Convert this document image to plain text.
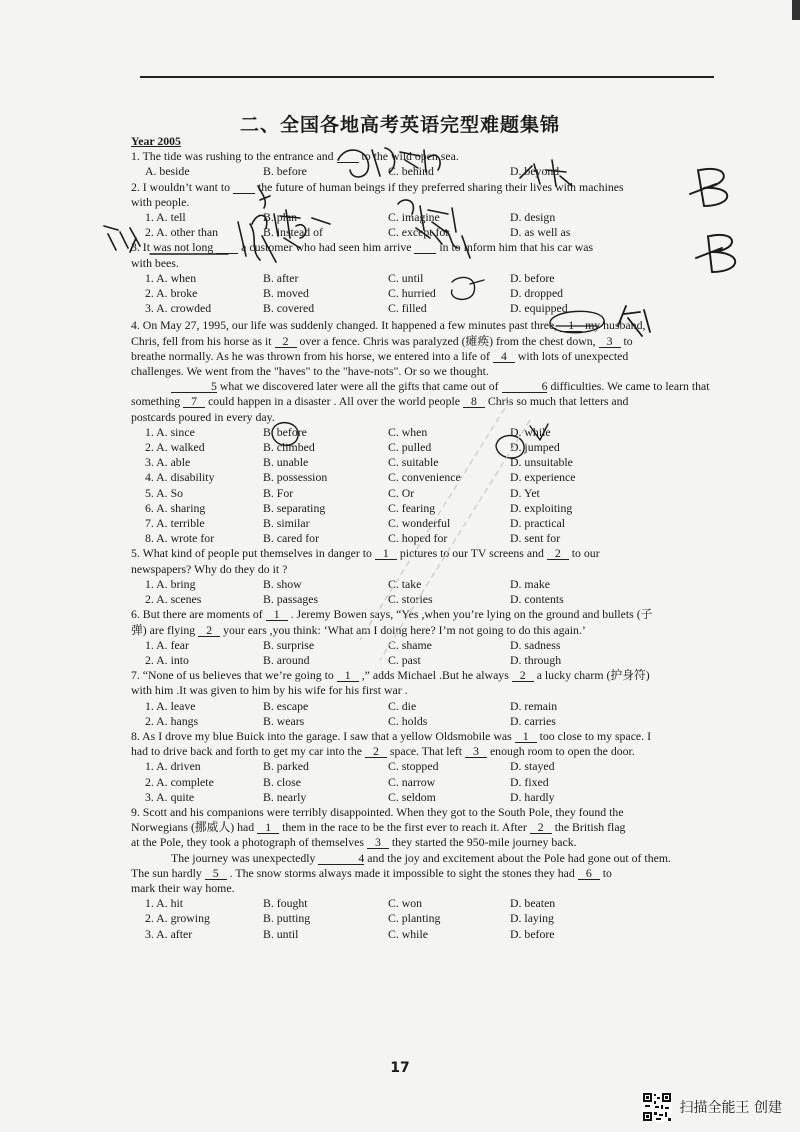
二、全国各地高考英语完型难题集锦
Year 2005
1. The tide was rushing to the entrance and to the wild open sea.
A. beside	B. before	C. behind	D. beyond
2. I wouldn’t want to the future of human beings if they preferred sharing their lives with machines
with people.
1. A. tell	B. plan	C. imagine	D. design
2. A. other than	B. instead of	C. except for	D. as well as
3. It was not long a customer who had seen him arrive in to inform him that his car was
with bees.
1. A. when	B. after	C. until	D. before
2. A. broke	B. moved	C. hurried	D. dropped
3. A. crowded	B. covered	C. filled	D. equipped
4. On May 27, 1995, our life was suddenly changed. It happened a few minutes past three, 1 my husband,
Chris, fell from his horse as it 2 over a fence. Chris was paralyzed (瘫痪) from the chest down, 3 to
breathe normally. As he was thrown from his horse, we entered into a life of 4 with lots of unexpected
challenges. We went from the "haves" to the "have-nots". Or so we thought.
5 what we discovered later were all the gifts that came out of	6 difficulties. We came to learn that
something 7 could happen in a disaster . All over the world people 8 Chris so much that letters and
postcards poured in every day.
1. A. since	B. before	C. when	D. while
2. A. walked	B. climbed	C. pulled	D. jumped
3. A. able	B. unable	C. suitable	D. unsuitable
4. A. disability	B. possession	C. convenience	D. experience
5. A. So	B. For	C. Or	D. Yet
6. A. sharing	B. separating	C. fearing	D. exploiting
7. A. terrible	B. similar	C. wonderful	D. practical
8. A. wrote for	B. cared for	C. hoped for	D. sent for
5. What kind of people put themselves in danger to 1 pictures to our TV screens and 2 to our
newspapers? Why do they do it ?
1. A. bring	B. show	C. take	D. make
2. A. scenes	B. passages	C. stories	D. contents
6. But there are moments of 1 . Jeremy Bowen says, “Yes ,when you’re lying on the ground and bullets (子
弹) are flying 2 your ears ,you think: ‘What am I doing here? I’m not going to do this again.’
1. A. fear	B. surprise	C. shame	D. sadness
2. A. into	B. around	C. past	D. through
7. “None of us believes that we’re going to 1 ,” adds Michael .But he always 2 a lucky charm (护身符)
with him .It was given to him by his wife for his first war .
1. A. leave	B. escape	C. die	D. remain
2. A. hangs	B. wears	C. holds	D. carries
8. As I drove my blue Buick into the garage. I saw that a yellow Oldsmobile was 1 too close to my space. I
had to drive back and forth to get my car into the 2 space. That left 3 enough room to open the door.
1. A. driven	B. parked	C. stopped	D. stayed
2. A. complete	B. close	C. narrow	D. fixed
3. A. quite	B. nearly	C. seldom	D. hardly
9. Scott and his companions were terribly disappointed. When they got to the South Pole, they found the
Norwegians (挪威人) had 1 them in the race to be the first ever to reach it. After 2 the British flag
at the Pole, they took a photograph of themselves 3 they started the 950-mile journey back.
The journey was unexpectedly	4 and the joy and excitement about the Pole had gone out of them.
The sun hardly 5 . The snow storms always made it impossible to sight the stones they had 6 to
mark their way home.
1. A. hit	B. fought	C. won	D. beaten
2. A. growing	B. putting	C. planting	D. laying
3. A. after	B. until	C. while	D. before
17
扫描全能王 创建
